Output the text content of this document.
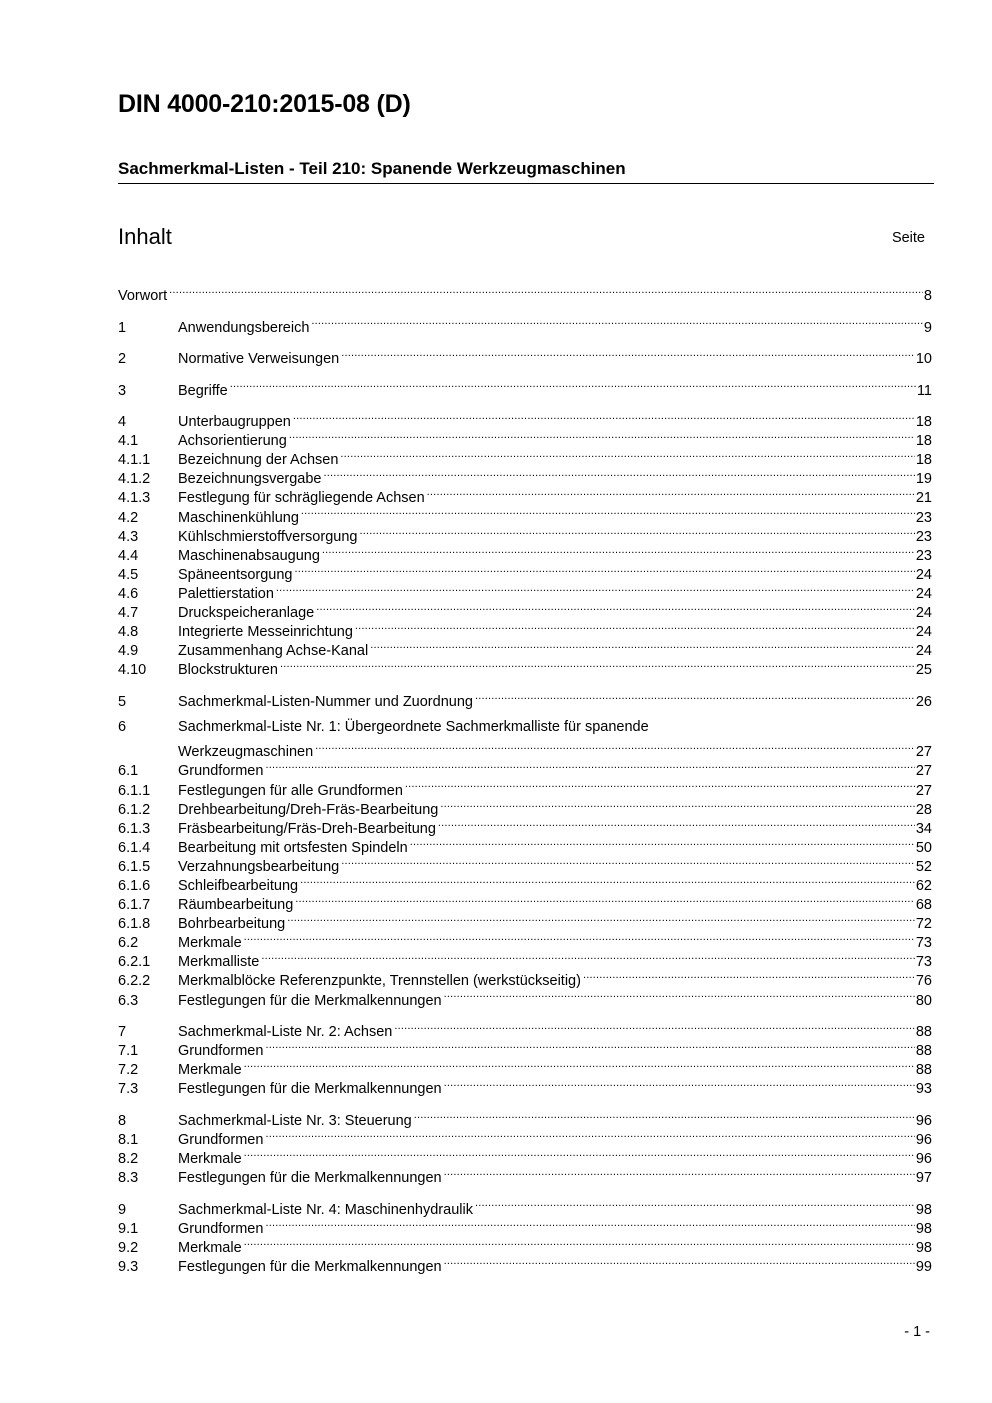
DIN 4000-210:2015-08 (D)
Sachmerkmal-Listen - Teil 210: Spanende Werkzeugmaschinen
Inhalt	Seite
Vorwort .....	8
1	Anwendungsbereich .....	9
2	Normative Verweisungen .....	10
3	Begriffe .....	11
4	Unterbaugruppen .....	18
4.1	Achsorientierung .....	18
4.1.1	Bezeichnung der Achsen .....	18
4.1.2	Bezeichnungsvergabe .....	19
4.1.3	Festlegung für schrägliegende Achsen .....	21
4.2	Maschinenkühlung .....	23
4.3	Kühlschmierstoffversorgung .....	23
4.4	Maschinenabsaugung .....	23
4.5	Späneentsorgung .....	24
4.6	Palettierstation .....	24
4.7	Druckspeicheranlage .....	24
4.8	Integrierte Messeinrichtung .....	24
4.9	Zusammenhang Achse-Kanal .....	24
4.10	Blockstrukturen .....	25
5	Sachmerkmal-Listen-Nummer und Zuordnung .....	26
6	Sachmerkmal-Liste Nr. 1: Übergeordnete Sachmerkmalliste für spanende
Werkzeugmaschinen .....	27
6.1	Grundformen .....	27
6.1.1	Festlegungen für alle Grundformen .....	27
6.1.2	Drehbearbeitung/Dreh-Fräs-Bearbeitung .....	28
6.1.3	Fräsbearbeitung/Fräs-Dreh-Bearbeitung .....	34
6.1.4	Bearbeitung mit ortsfesten Spindeln .....	50
6.1.5	Verzahnungsbearbeitung .....	52
6.1.6	Schleifbearbeitung .....	62
6.1.7	Räumbearbeitung .....	68
6.1.8	Bohrbearbeitung .....	72
6.2	Merkmale .....	73
6.2.1	Merkmalliste .....	73
6.2.2	Merkmalblöcke Referenzpunkte, Trennstellen (werkstückseitig) .....	76
6.3	Festlegungen für die Merkmalkennungen .....	80
7	Sachmerkmal-Liste Nr. 2: Achsen .....	88
7.1	Grundformen .....	88
7.2	Merkmale .....	88
7.3	Festlegungen für die Merkmalkennungen .....	93
8	Sachmerkmal-Liste Nr. 3: Steuerung .....	96
8.1	Grundformen .....	96
8.2	Merkmale .....	96
8.3	Festlegungen für die Merkmalkennungen .....	97
9	Sachmerkmal-Liste Nr. 4: Maschinenhydraulik .....	98
9.1	Grundformen .....	98
9.2	Merkmale .....	98
9.3	Festlegungen für die Merkmalkennungen .....	99
- 1 -
